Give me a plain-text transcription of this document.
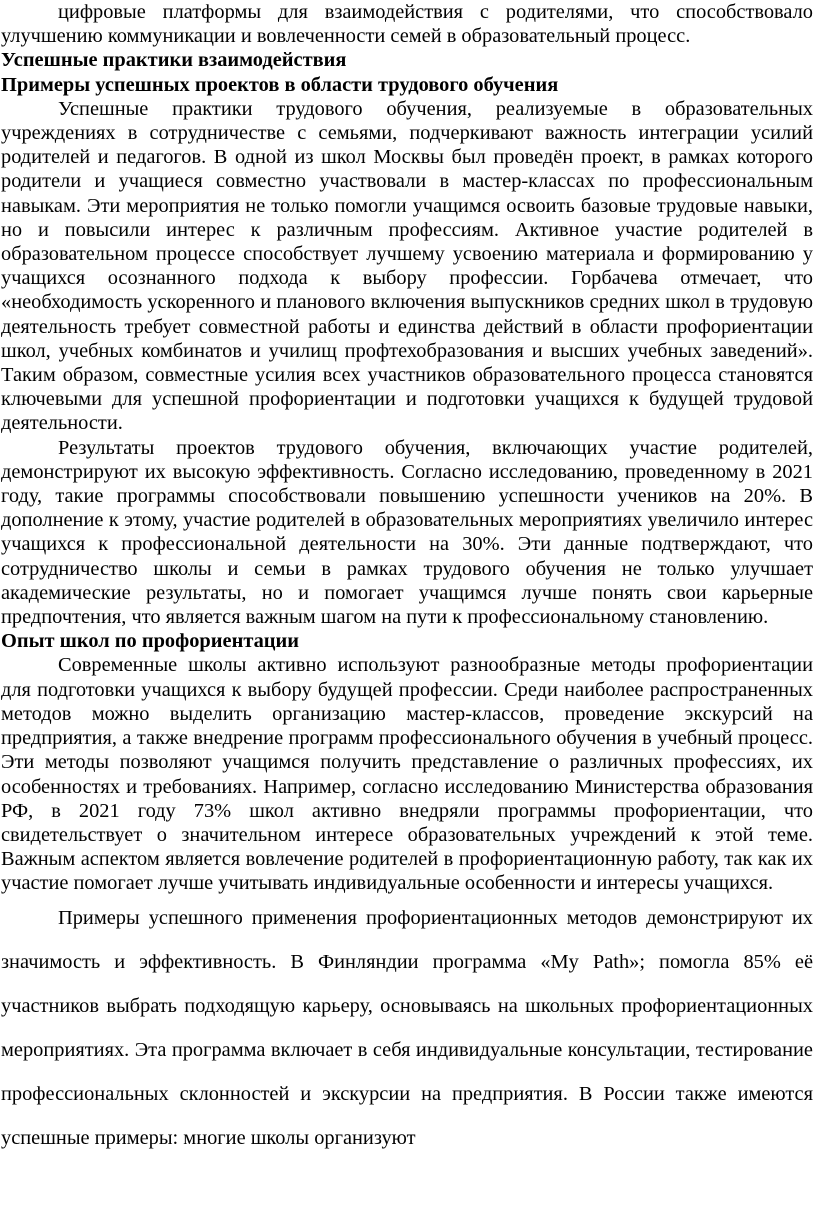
цифровые платформы для взаимодействия с родителями, что способствовало улучшению коммуникации и вовлеченности семей в образовательный процесс.

Успешные практики взаимодействия
Примеры успешных проектов в области трудового обучения

Успешные практики трудового обучения, реализуемые в образовательных учреждениях в сотрудничестве с семьями, подчеркивают важность интеграции усилий родителей и педагогов. В одной из школ Москвы был проведён проект, в рамках которого родители и учащиеся совместно участвовали в мастер-классах по профессиональным навыкам. Эти мероприятия не только помогли учащимся освоить базовые трудовые навыки, но и повысили интерес к различным профессиям. Активное участие родителей в образовательном процессе способствует лучшему усвоению материала и формированию у учащихся осознанного подхода к выбору профессии. Горбачева отмечает, что «необходимость ускоренного и планового включения выпускников средних школ в трудовую деятельность требует совместной работы и единства действий в области профориентации школ, учебных комбинатов и училищ профтехобразования и высших учебных заведений». Таким образом, совместные усилия всех участников образовательного процесса становятся ключевыми для успешной профориентации и подготовки учащихся к будущей трудовой деятельности.

Результаты проектов трудового обучения, включающих участие родителей, демонстрируют их высокую эффективность. Согласно исследованию, проведенному в 2021 году, такие программы способствовали повышению успешности учеников на 20%. В дополнение к этому, участие родителей в образовательных мероприятиях увеличило интерес учащихся к профессиональной деятельности на 30%. Эти данные подтверждают, что сотрудничество школы и семьи в рамках трудового обучения не только улучшает академические результаты, но и помогает учащимся лучше понять свои карьерные предпочтения, что является важным шагом на пути к профессиональному становлению.

Опыт школ по профориентации

Современные школы активно используют разнообразные методы профориентации для подготовки учащихся к выбору будущей профессии. Среди наиболее распространенных методов можно выделить организацию мастер-классов, проведение экскурсий на предприятия, а также внедрение программ профессионального обучения в учебный процесс. Эти методы позволяют учащимся получить представление о различных профессиях, их особенностях и требованиях. Например, согласно исследованию Министерства образования РФ, в 2021 году 73% школ активно внедряли программы профориентации, что свидетельствует о значительном интересе образовательных учреждений к этой теме. Важным аспектом является вовлечение родителей в профориентационную работу, так как их участие помогает лучше учитывать индивидуальные особенности и интересы учащихся.

Примеры успешного применения профориентационных методов демонстрируют их значимость и эффективность. В Финляндии программа «My Path»; помогла 85% её участников выбрать подходящую карьеру, основываясь на школьных профориентационных мероприятиях. Эта программа включает в себя индивидуальные консультации, тестирование профессиональных склонностей и экскурсии на предприятия. В России также имеются успешные примеры: многие школы организуют
